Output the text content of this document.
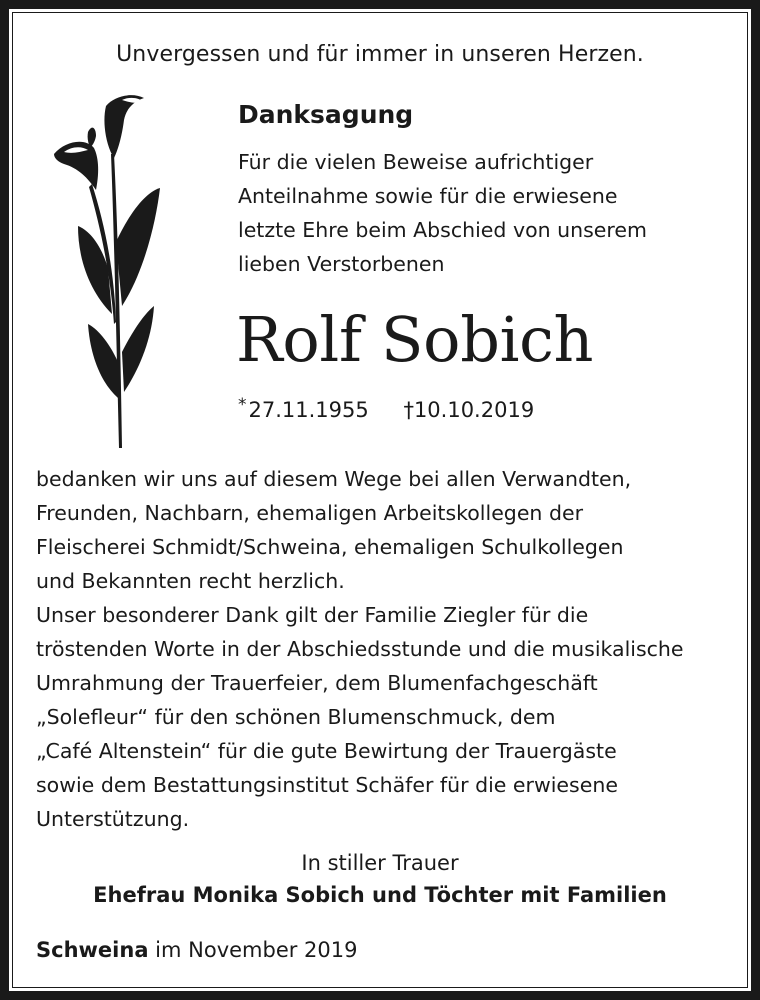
Unvergessen und für immer in unseren Herzen.
Danksagung
Für die vielen Beweise aufrichtiger
Anteilnahme sowie für die erwiesene
letzte Ehre beim Abschied von unserem
lieben Verstorbenen
Rolf Sobich
*27.11.1955 †10.10.2019
bedanken wir uns auf diesem Wege bei allen Verwandten,
Freunden, Nachbarn, ehemaligen Arbeitskollegen der
Fleischerei Schmidt/Schweina, ehemaligen Schulkollegen
und Bekannten recht herzlich.
Unser besonderer Dank gilt der Familie Ziegler für die
tröstenden Worte in der Abschiedsstunde und die musikalische
Umrahmung der Trauerfeier, dem Blumenfachgeschäft
„Solefleur“ für den schönen Blumenschmuck, dem
„Café Altenstein“ für die gute Bewirtung der Trauergäste
sowie dem Bestattungsinstitut Schäfer für die erwiesene
Unterstützung.
In stiller Trauer
Ehefrau Monika Sobich und Töchter mit Familien
Schweina im November 2019
